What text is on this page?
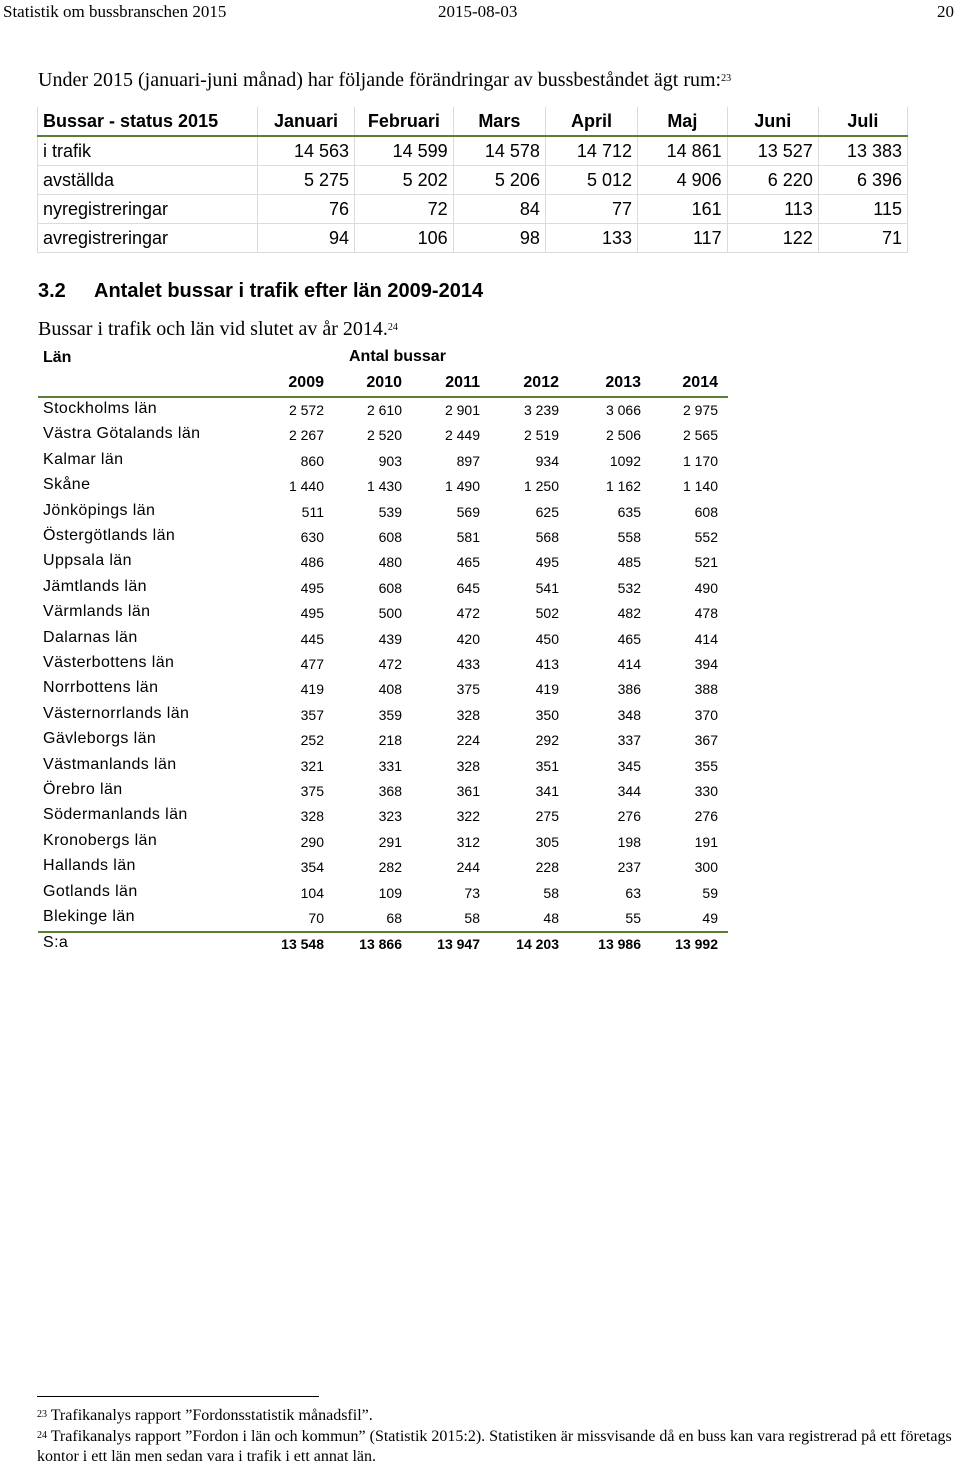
Statistik om bussbranschen 2015	2015-08-03	20
Under 2015 (januari-juni månad) har följande förändringar av bussbeståndet ägt rum:$^{23}$
Bussar - status 2015	Januari	Februari	Mars	April	Maj	Juni	Juli
i trafik	14 563	14 599	14 578	14 712	14 861	13 527	13 383
avställda	5 275	5 202	5 206	5 012	4 906	6 220	6 396
nyregistreringar	76	72	84	77	161	113	115
avregistreringar	94	106	98	133	117	122	71
3.2 Antalet bussar i trafik efter län 2009-2014
Bussar i trafik och län vid slutet av år 2014.24
Län	Antal bussar
2009	2010	2011	2012	2013	2014
Stockholms län	2 572	2 610	2 901	3 239	3 066	2 975
Västra Götalands län	2 267	2 520	2 449	2 519	2 506	2 565
Kalmar län	860	903	897	934	1092	1 170
Skåne	1 440	1 430	1 490	1 250	1 162	1 140
Jönköpings län	511	539	569	625	635	608
Östergötlands län	630	608	581	568	558	552
Uppsala län	486	480	465	495	485	521
Jämtlands län	495	608	645	541	532	490
Värmlands län	495	500	472	502	482	478
Dalarnas län	445	439	420	450	465	414
Västerbottens län	477	472	433	413	414	394
Norrbottens län	419	408	375	419	386	388
Västernorrlands län	357	359	328	350	348	370
Gävleborgs län	252	218	224	292	337	367
Västmanlands län	321	331	328	351	345	355
Örebro län	375	368	361	341	344	330
Södermanlands län	328	323	322	275	276	276
Kronobergs län	290	291	312	305	198	191
Hallands län	354	282	244	228	237	300
Gotlands län	104	109	73	58	63	59
Blekinge län	70	68	58	48	55	49
S:a	13 548	13 866	13 947	14 203	13 986	13 992
$^{23}$ Trafikanalys rapport ”Fordonsstatistik månadsfil”.
$^{24}$ Trafikanalys rapport ”Fordon i län och kommun” (Statistik 2015:2). Statistiken är missvisande då en buss kan vara registrerad på ett företags kontor i ett län men sedan vara i trafik i ett annat län.
